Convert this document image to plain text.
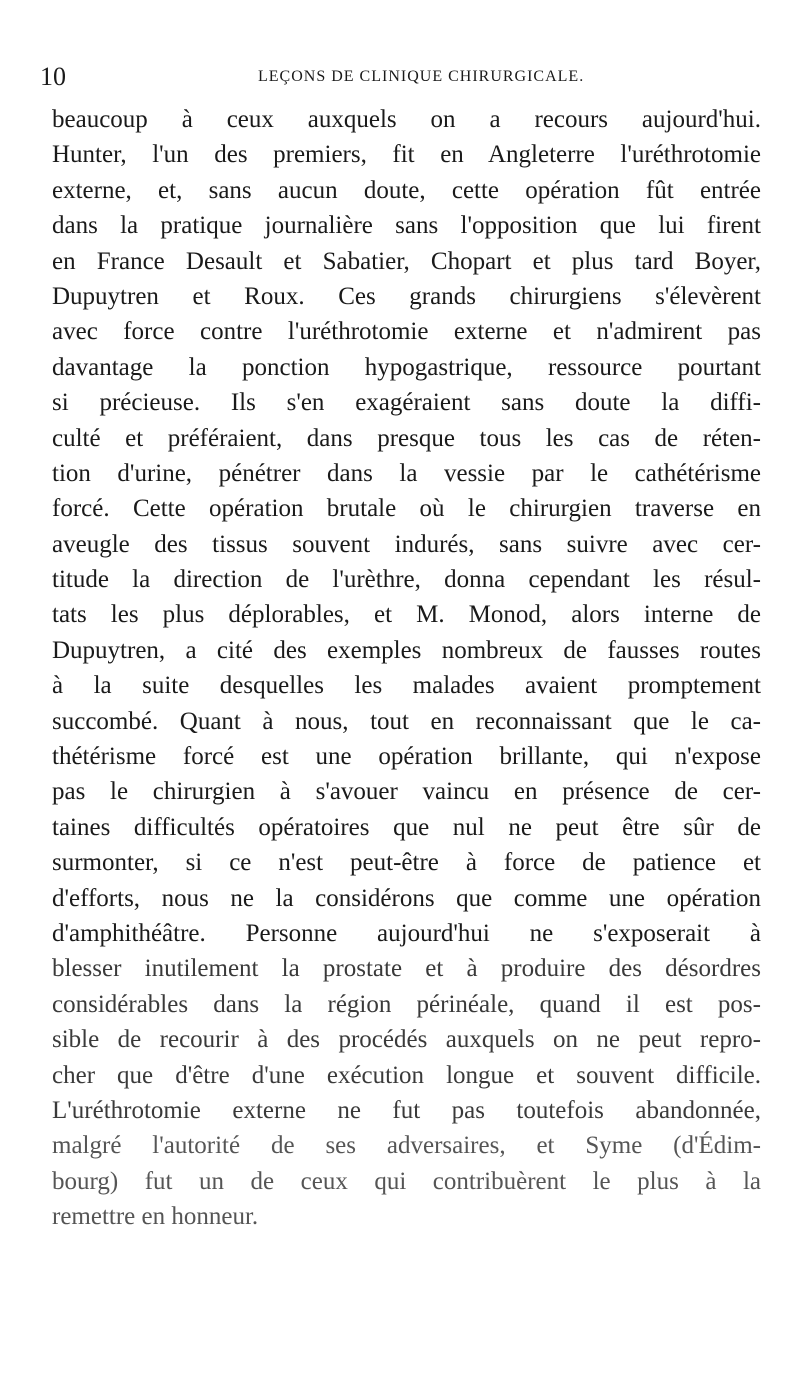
10	LEÇONS DE CLINIQUE CHIRURGICALE.
beaucoup à ceux auxquels on a recours aujourd'hui.
Hunter, l'un des premiers, fit en Angleterre l'uréthrotomie
externe, et, sans aucun doute, cette opération fût entrée
dans la pratique journalière sans l'opposition que lui firent
en France Desault et Sabatier, Chopart et plus tard Boyer,
Dupuytren et Roux. Ces grands chirurgiens s'élevèrent
avec force contre l'uréthrotomie externe et n'admirent pas
davantage la ponction hypogastrique, ressource pourtant
si précieuse. Ils s'en exagéraient sans doute la diffi-
culté et préféraient, dans presque tous les cas de réten-
tion d'urine, pénétrer dans la vessie par le cathétérisme
forcé. Cette opération brutale où le chirurgien traverse en
aveugle des tissus souvent indurés, sans suivre avec cer-
titude la direction de l'urèthre, donna cependant les résul-
tats les plus déplorables, et M. Monod, alors interne de
Dupuytren, a cité des exemples nombreux de fausses routes
à la suite desquelles les malades avaient promptement
succombé. Quant à nous, tout en reconnaissant que le ca-
thétérisme forcé est une opération brillante, qui n'expose
pas le chirurgien à s'avouer vaincu en présence de cer-
taines difficultés opératoires que nul ne peut être sûr de
surmonter, si ce n'est peut-être à force de patience et
d'efforts, nous ne la considérons que comme une opération
d'amphithéâtre. Personne aujourd'hui ne s'exposerait à
blesser inutilement la prostate et à produire des désordres
considérables dans la région périnéale, quand il est pos-
sible de recourir à des procédés auxquels on ne peut repro-
cher que d'être d'une exécution longue et souvent difficile.
L'uréthrotomie externe ne fut pas toutefois abandonnée,
malgré l'autorité de ses adversaires, et Syme (d'Édim-
bourg) fut un de ceux qui contribuèrent le plus à la
remettre en honneur.
